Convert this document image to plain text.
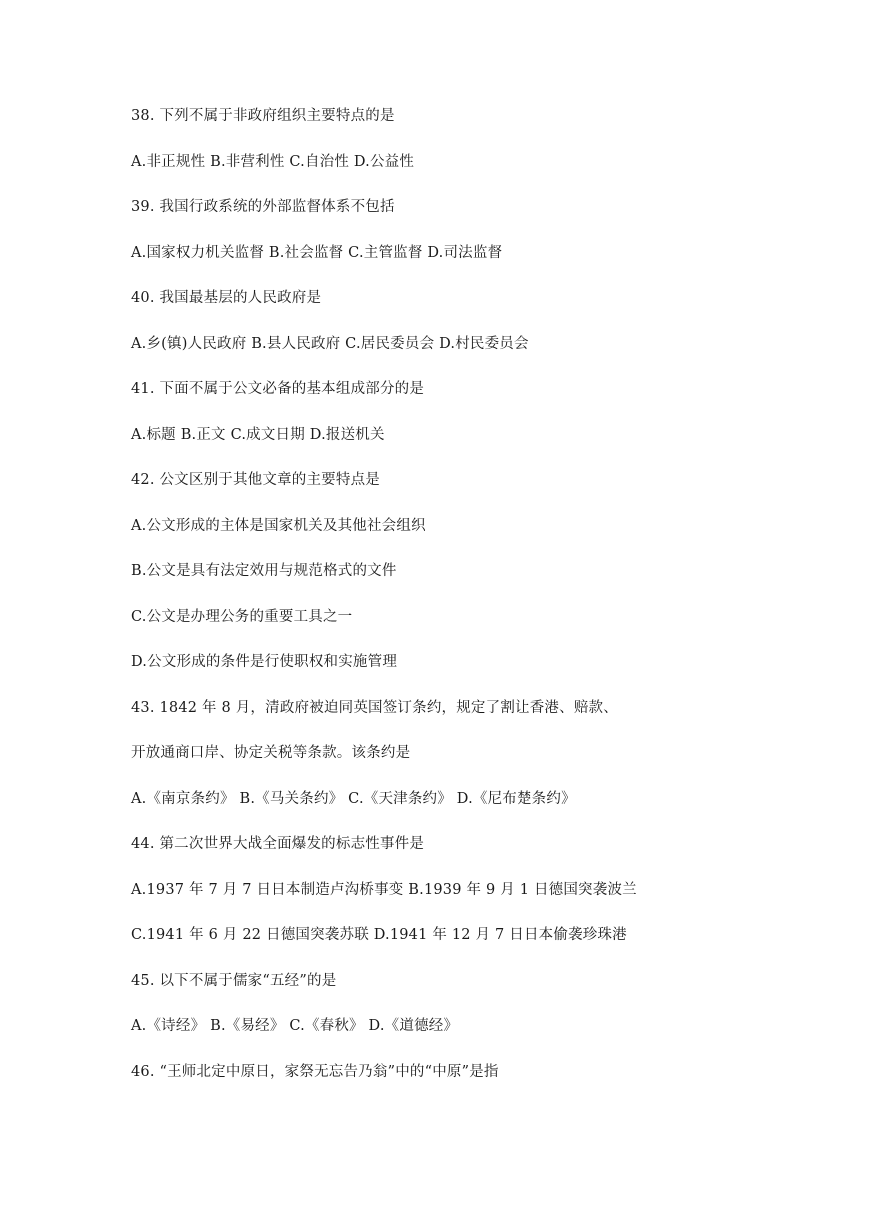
38. 下列不属于非政府组织主要特点的是
A.非正规性 B.非营利性 C.自治性 D.公益性
39. 我国行政系统的外部监督体系不包括
A.国家权力机关监督 B.社会监督 C.主管监督 D.司法监督
40. 我国最基层的人民政府是
A.乡(镇)人民政府 B.县人民政府 C.居民委员会 D.村民委员会
41. 下面不属于公文必备的基本组成部分的是
A.标题 B.正文 C.成文日期 D.报送机关
42. 公文区别于其他文章的主要特点是
A.公文形成的主体是国家机关及其他社会组织
B.公文是具有法定效用与规范格式的文件
C.公文是办理公务的重要工具之一
D.公文形成的条件是行使职权和实施管理
43. 1842 年 8 月，清政府被迫同英国签订条约，规定了割让香港、赔款、
开放通商口岸、协定关税等条款。该条约是
A.《南京条约》 B.《马关条约》 C.《天津条约》 D.《尼布楚条约》
44. 第二次世界大战全面爆发的标志性事件是
A.1937 年 7 月 7 日日本制造卢沟桥事变 B.1939 年 9 月 1 日德国突袭波兰
C.1941 年 6 月 22 日德国突袭苏联 D.1941 年 12 月 7 日日本偷袭珍珠港
45. 以下不属于儒家“五经”的是
A.《诗经》 B.《易经》 C.《春秋》 D.《道德经》
46. “王师北定中原日，家祭无忘告乃翁”中的“中原”是指
